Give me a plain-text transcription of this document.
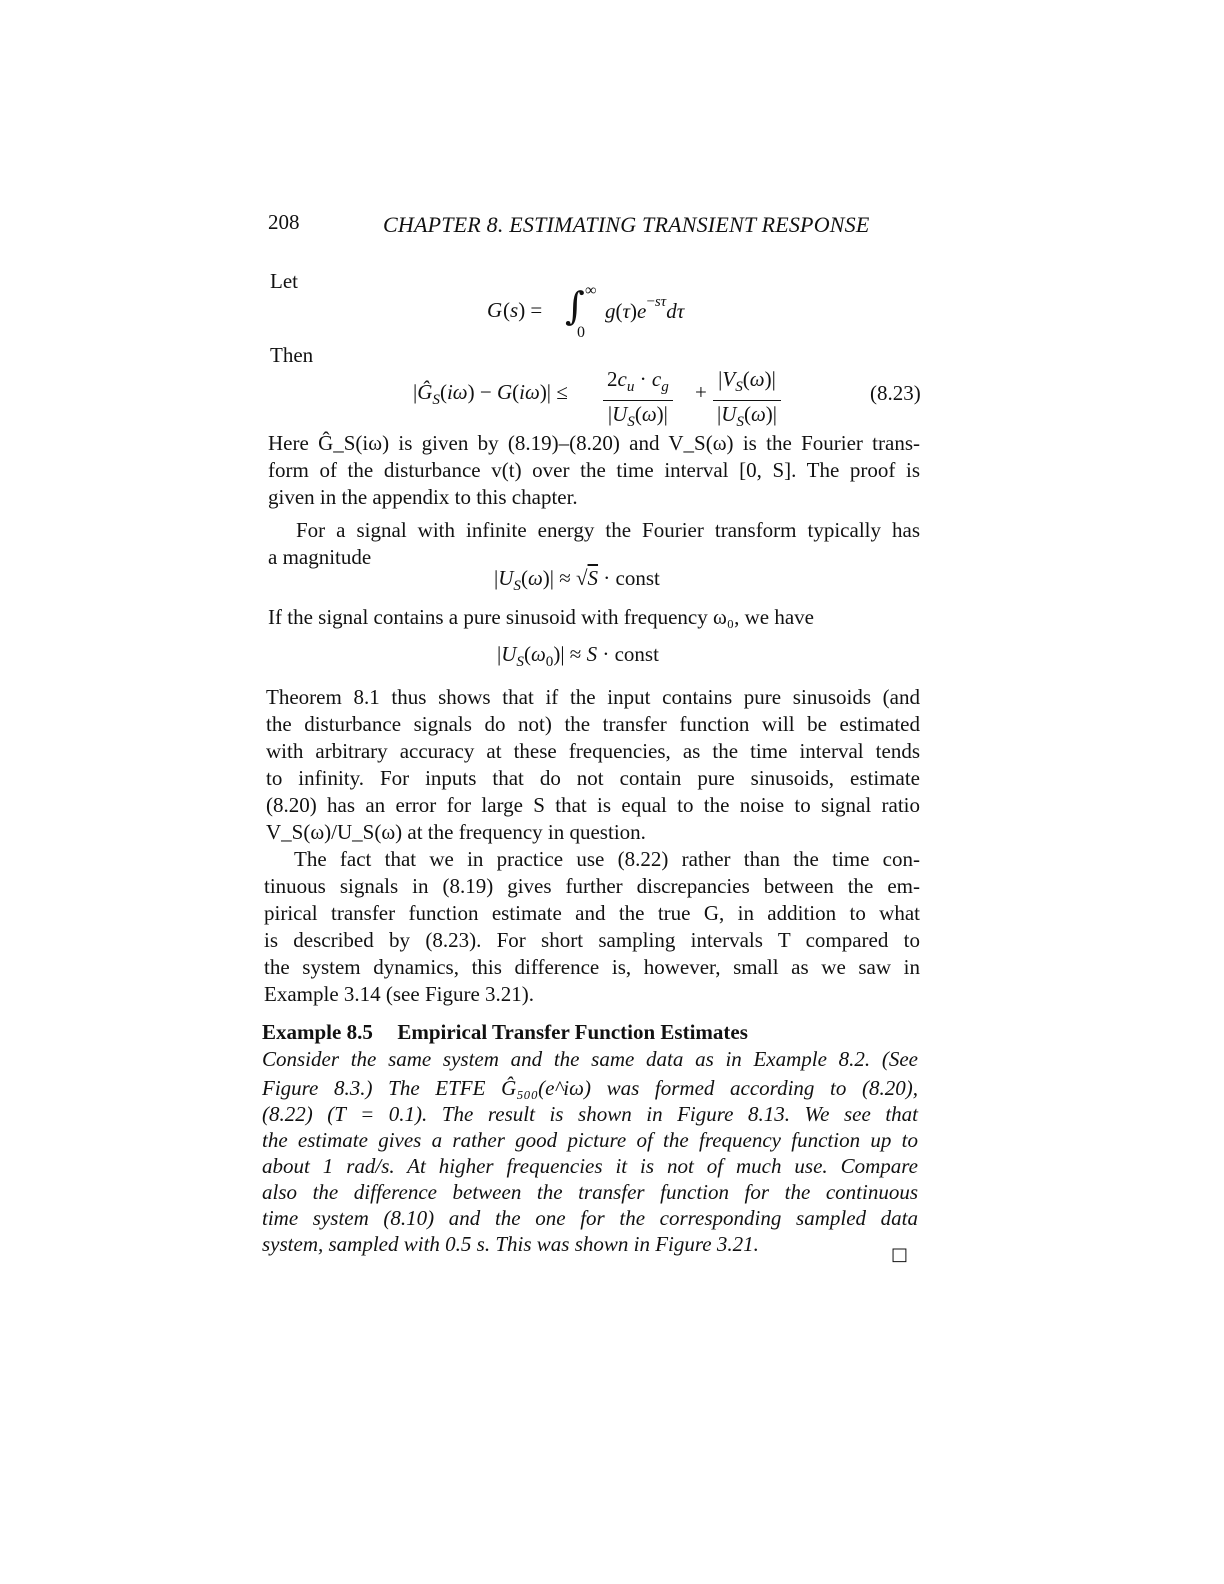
208	CHAPTER 8. ESTIMATING TRANSIENT RESPONSE
Let
G (s) = ∫ ∞
0
$g(\tau)e^{-s\tau}d\tau$
Then
$|Ĝ_S(i\omega) - G(i\omega)| \le \frac{2c_u \cdot c_g}{|U_S(\omega)|} + \frac{|V_S(\omega)|}{|U_S(\omega)|}$	(8.23)
Here Ĝ_S(iω) is given by (8.19)–(8.20) and V_S(ω) is the Fourier trans-
form of the disturbance v(t) over the time interval [0, S]. The proof is
given in the appendix to this chapter.
For a signal with infinite energy the Fourier transform typically has
a magnitude
$|U_S(\omega)| \approx √S$ · const
If the signal contains a pure sinusoid with frequency ω₀, we have
$|U_S(\omega_0)| \approx S$ · const
Theorem 8.1 thus shows that if the input contains pure sinusoids (and
the disturbance signals do not) the transfer function will be estimated
with arbitrary accuracy at these frequencies, as the time interval tends
to infinity. For inputs that do not contain pure sinusoids, estimate
(8.20) has an error for large S that is equal to the noise to signal ratio
V_S(ω)/U_S(ω) at the frequency in question.
The fact that we in practice use (8.22) rather than the time con-
tinuous signals in (8.19) gives further discrepancies between the em-
pirical transfer function estimate and the true G, in addition to what
is described by (8.23). For short sampling intervals T compared to
the system dynamics, this difference is, however, small as we saw in
Example 3.14 (see Figure 3.21).
Example 8.5 Empirical Transfer Function Estimates
Consider the same system and the same data as in Example 8.2. (See
Figure 8.3.) The ETFE Ĝ₅₀₀(e^iω) was formed according to (8.20),
(8.22) (T = 0.1). The result is shown in Figure 8.13. We see that
the estimate gives a rather good picture of the frequency function up to
about 1 rad/s. At higher frequencies it is not of much use. Compare
also the difference between the transfer function for the continuous
time system (8.10) and the one for the corresponding sampled data
system, sampled with 0.5 s. This was shown in Figure 3.21.	□
